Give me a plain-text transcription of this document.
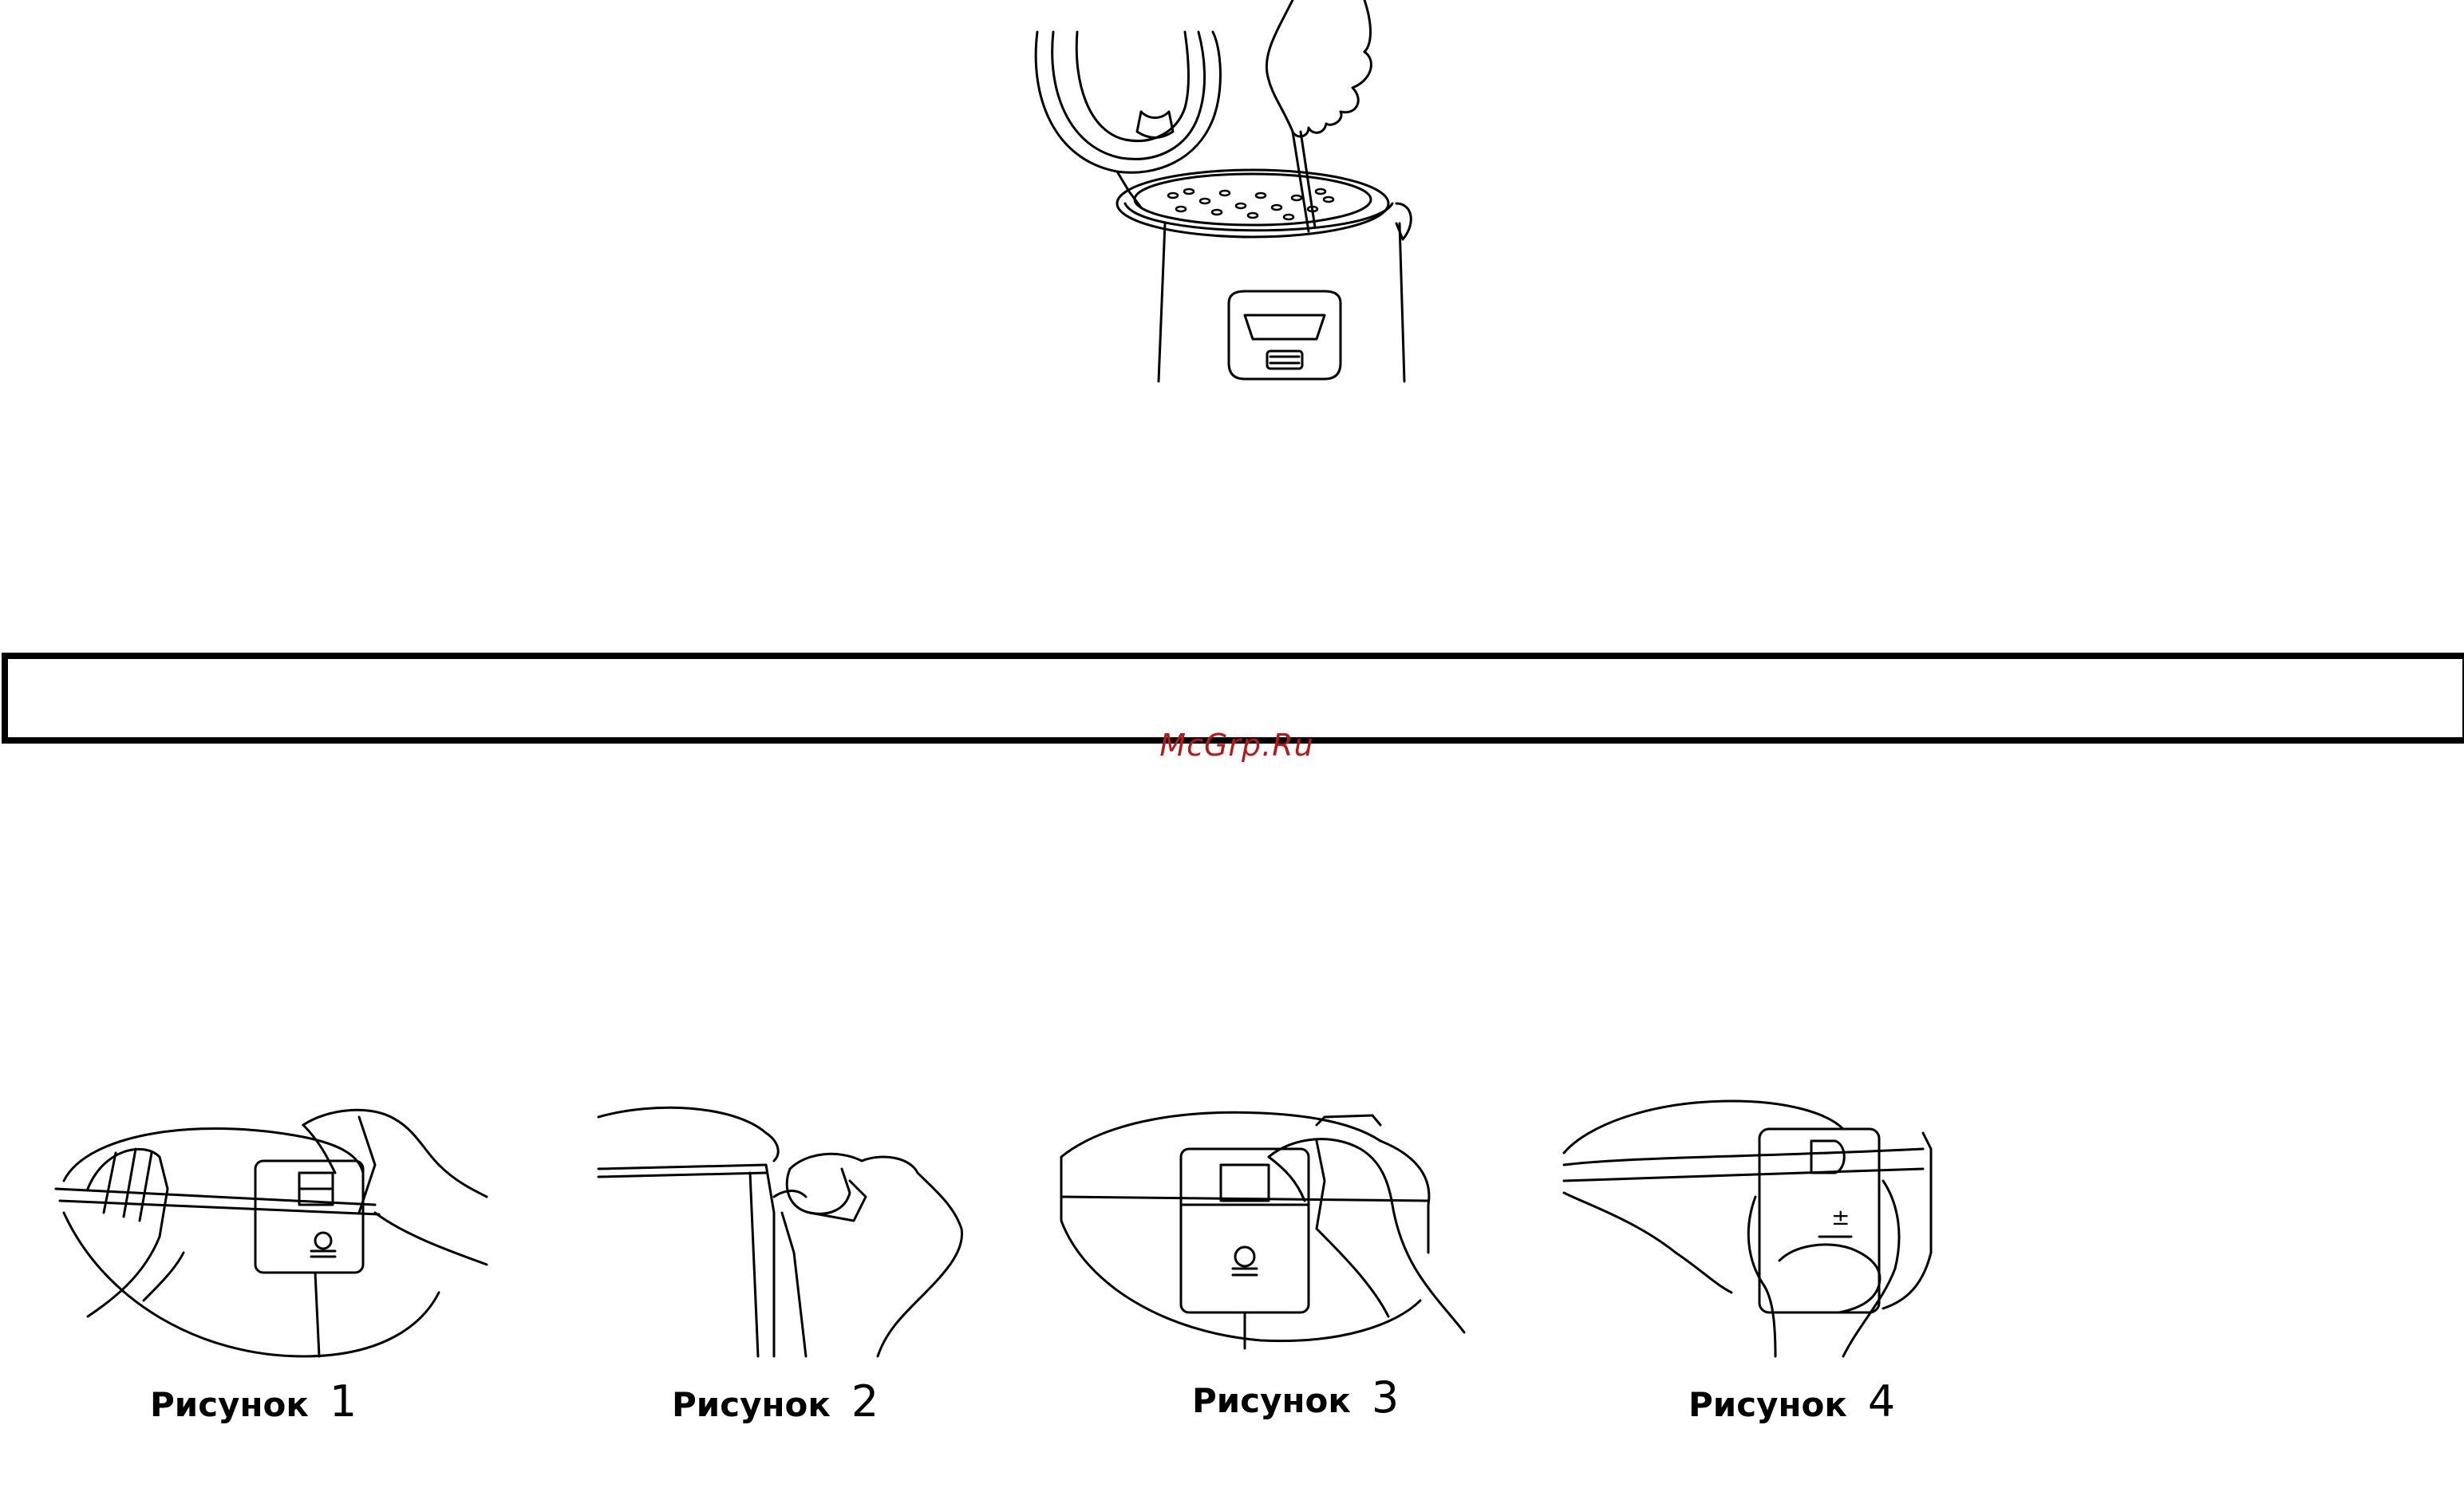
McGrp.Ru
Рисунок 1	Рисунок 2	Рисунок 3
±
Рисунок 4
